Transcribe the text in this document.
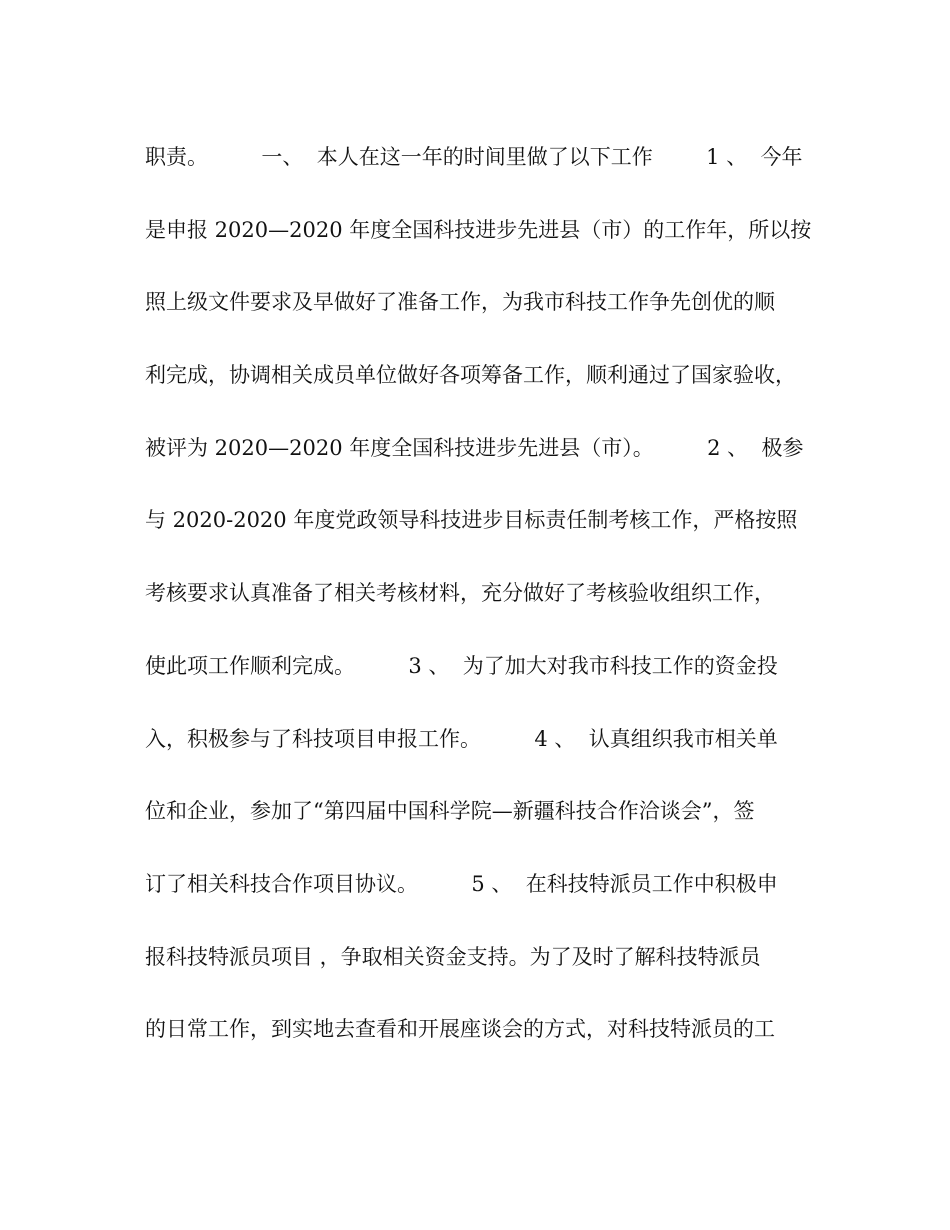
职责。        一、  本人在这一年的时间里做了以下工作        1 、  今年
是申报 2020—2020 年度全国科技进步先进县（市）的工作年，所以按
照上级文件要求及早做好了准备工作，为我市科技工作争先创优的顺
利完成，协调相关成员单位做好各项筹备工作，顺利通过了国家验收，
被评为 2020—2020 年度全国科技进步先进县（市）。        2 、  极参
与 2020-2020 年度党政领导科技进步目标责任制考核工作，严格按照
考核要求认真准备了相关考核材料，充分做好了考核验收组织工作，
使此项工作顺利完成。        3 、  为了加大对我市科技工作的资金投
入，积极参与了科技项目申报工作。        4 、  认真组织我市相关单
位和企业，参加了“第四届中国科学院—新疆科技合作洽谈会”，签
订了相关科技合作项目协议。        5 、  在科技特派员工作中积极申
报科技特派员项目 ，争取相关资金支持。为了及时了解科技特派员
的日常工作，到实地去查看和开展座谈会的方式，对科技特派员的工
